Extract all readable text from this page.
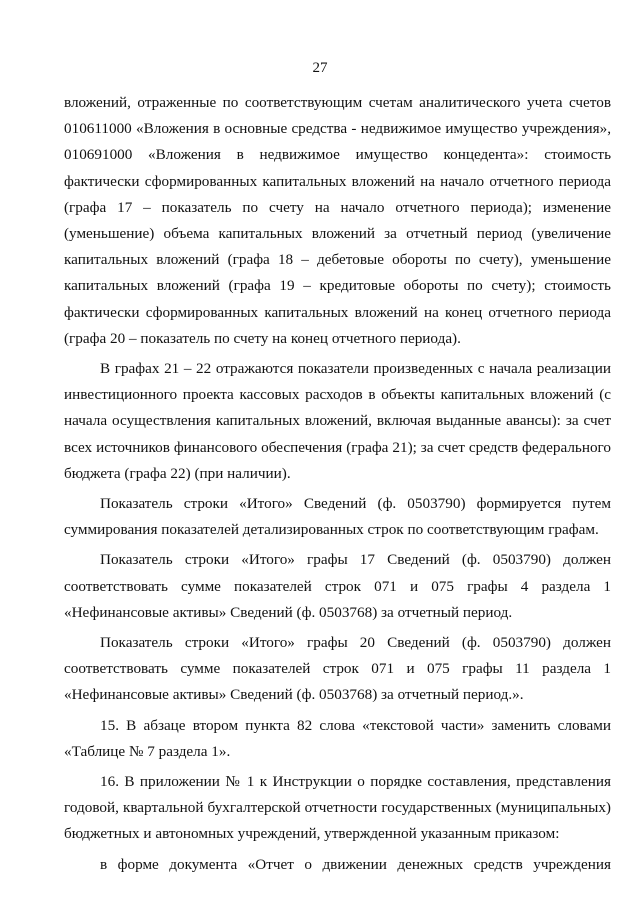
27

вложений, отраженные по соответствующим счетам аналитического учета счетов 010611000 «Вложения в основные средства - недвижимое имущество учреждения», 010691000 «Вложения в недвижимое имущество концедента»: стоимость фактически сформированных капитальных вложений на начало отчетного периода (графа 17 – показатель по счету на начало отчетного периода); изменение (уменьшение) объема капитальных вложений за отчетный период (увеличение капитальных вложений (графа 18 – дебетовые обороты по счету), уменьшение капитальных вложений (графа 19 – кредитовые обороты по счету); стоимость фактически сформированных капитальных вложений на конец отчетного периода (графа 20 – показатель по счету на конец отчетного периода).

В графах 21 – 22 отражаются показатели произведенных с начала реализации инвестиционного проекта кассовых расходов в объекты капитальных вложений (с начала осуществления капитальных вложений, включая выданные авансы): за счет всех источников финансового обеспечения (графа 21); за счет средств федерального бюджета (графа 22) (при наличии).

Показатель строки «Итого» Сведений (ф. 0503790) формируется путем суммирования показателей детализированных строк по соответствующим графам.

Показатель строки «Итого» графы 17 Сведений (ф. 0503790) должен соответствовать сумме показателей строк 071 и 075 графы 4 раздела 1 «Нефинансовые активы» Сведений (ф. 0503768) за отчетный период.

Показатель строки «Итого» графы 20 Сведений (ф. 0503790) должен соответствовать сумме показателей строк 071 и 075 графы 11 раздела 1 «Нефинансовые активы» Сведений (ф. 0503768) за отчетный период.».

15. В абзаце втором пункта 82 слова «текстовой части» заменить словами «Таблице № 7 раздела 1».

16. В приложении № 1 к Инструкции о порядке составления, представления годовой, квартальной бухгалтерской отчетности государственных (муниципальных) бюджетных и автономных учреждений, утвержденной указанным приказом:

в форме документа «Отчет о движении денежных средств учреждения
